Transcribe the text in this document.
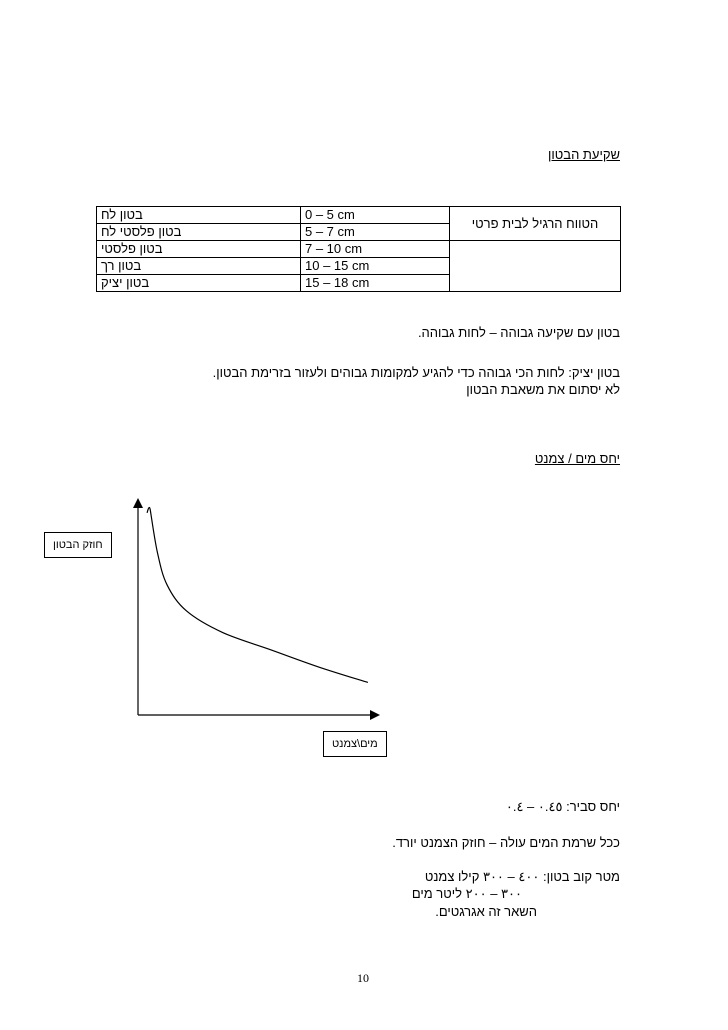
שקיעת הבטון
בטון לח	0 – 5 cm	הטווח הרגיל לבית פרטי
בטון פלסטי לח	5 – 7 cm	
בטון פלסטי	7 – 10 cm	
בטון רך	10 – 15 cm	
בטון יציק	15 – 18 cm	
בטון עם שקיעה גבוהה – לחות גבוהה.
בטון יציק: לחות הכי גבוהה כדי להגיע למקומות גבוהים ולעזור בזרימת הבטון.
לא יסתום את משאבת הבטון
יחס מים / צמנט
חוזק הבטון
מים\צמנט
יחס סביר: ٠.٤٥ – ٠.٤
ככל שרמת המים עולה – חוזק הצמנט יורד.
מטר קוב בטון: ٤٠٠ – ٣٠٠ קילו צמנט
٣٠٠ – ٢٠٠ ליטר מים
השאר זה אגרגטים.
10
